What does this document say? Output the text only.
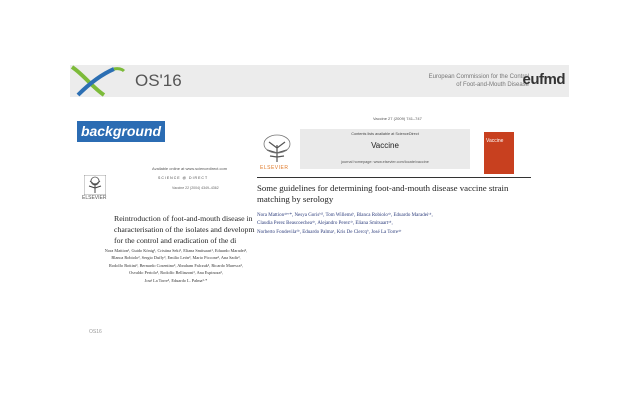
OS'16	European Commission for the Control
of Foot-and-Mouth Disease
eufmd
background
ELSEVIER
Available online at www.sciencedirect.com
SCIENCE @ DIRECT
Vaccine 22 (2004) 4349–4362
Reintroduction of foot-and-mouth disease in
characterisation of the isolates and developm
for the control and eradication of the di
Nora Mattion¹, Guido König¹, Cristina Seki¹, Eliana Smitsaart¹, Eduardo Maradei²,
Blanca Robiolo², Sergio Duffy³, Emilio León³, Mario Piccone³, Ana Sadir³,
Rodolfo Bottini³, Bernardo Cosentino³, Abraham Falczuk³, Ricardo Maresca³,
Osvaldo Periolo³, Rodolfo Bellinzoni³, Ana Espinoza³,
José La Torre³, Eduardo L. Palma³·*
Vaccine 27 (2009) 741–747
ELSEVIER
Contents lists available at ScienceDirect
Vaccine
journal homepage: www.elsevier.com/locate/vaccine
Vaccine
Some guidelines for determining foot-and-mouth disease vaccine strain
matching by serology
Nora Mattionᵃʲʳʷ*, Nesya Gorisᵇʲ¹, Tom Willemsᵇ, Blanca Robioloᶜʲʳ, Eduardo Maradeiᶜʲʳ,
Claudia Perez Beascoecheaᶜʲʳ, Alejandro Perezᶜʲʳ, Eliana Smitsaartᵃʲʳ,
Norberto Fondevilaᵈʲʳ, Eduardo Palmaᵃ, Kris De Clercqᵇ, José La Torreᵃʲʳ
OS16
